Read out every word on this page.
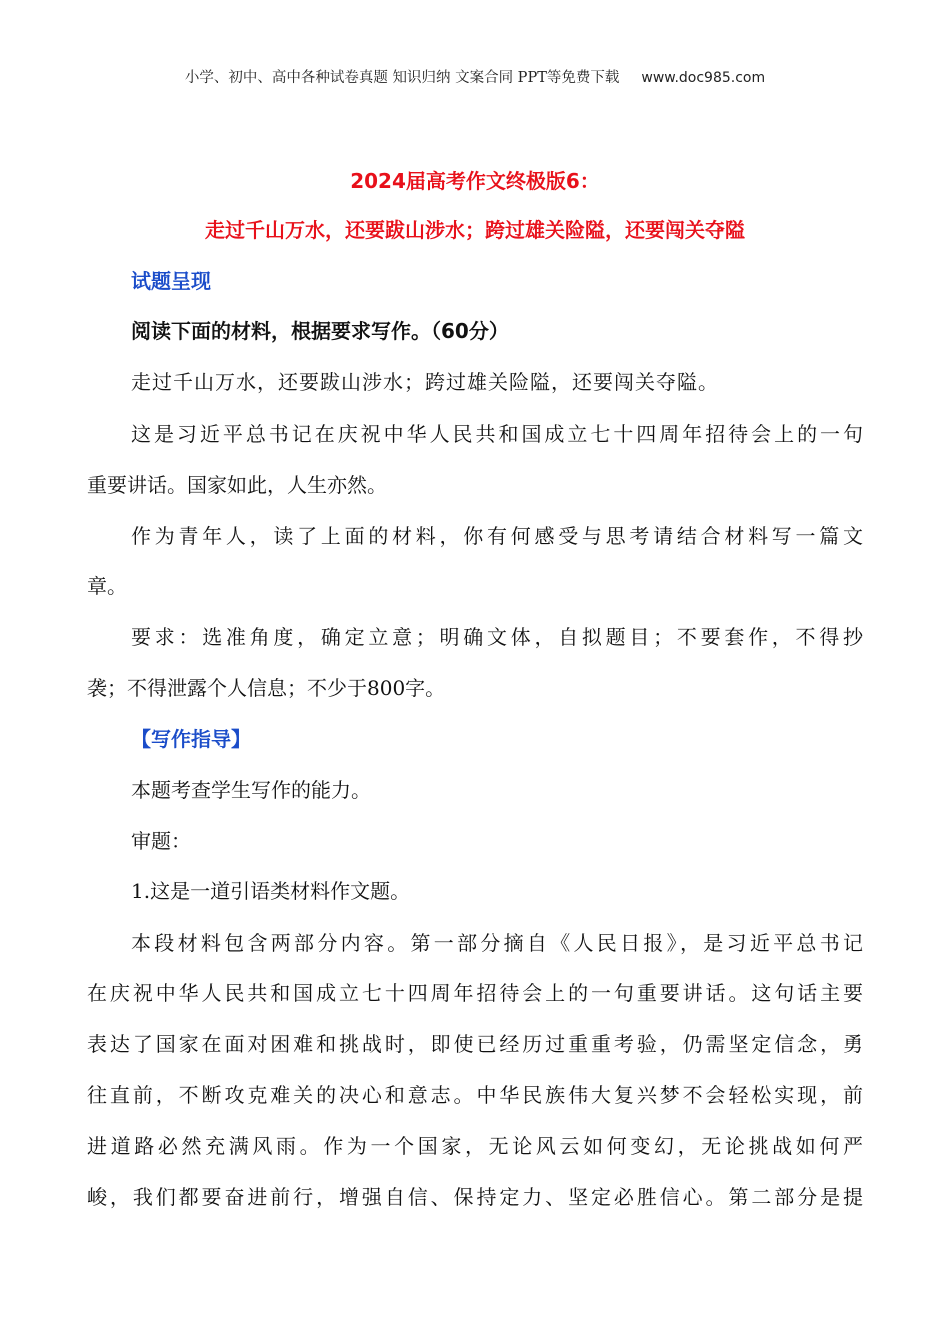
小学、初中、高中各种试卷真题 知识归纳 文案合同 PPT等免费下载 www.doc985.com
2024届高考作文终极版6：
走过千山万水，还要跋山涉水；跨过雄关险隘，还要闯关夺隘
试题呈现
阅读下面的材料，根据要求写作。（60分）
走过千山万水，还要跋山涉水；跨过雄关险隘，还要闯关夺隘。
这是习近平总书记在庆祝中华人民共和国成立七十四周年招待会上的一句
重要讲话。国家如此，人生亦然。
作为青年人，读了上面的材料，你有何感受与思考请结合材料写一篇文
章。
要求：选准角度，确定立意；明确文体，自拟题目；不要套作，不得抄
袭；不得泄露个人信息；不少于800字。
【写作指导】
本题考查学生写作的能力。
审题：
1.这是一道引语类材料作文题。
本段材料包含两部分内容。第一部分摘自《人民日报》，是习近平总书记
在庆祝中华人民共和国成立七十四周年招待会上的一句重要讲话。这句话主要
表达了国家在面对困难和挑战时，即使已经历过重重考验，仍需坚定信念，勇
往直前，不断攻克难关的决心和意志。中华民族伟大复兴梦不会轻松实现，前
进道路必然充满风雨。作为一个国家，无论风云如何变幻，无论挑战如何严
峻，我们都要奋进前行，增强自信、保持定力、坚定必胜信心。第二部分是提
